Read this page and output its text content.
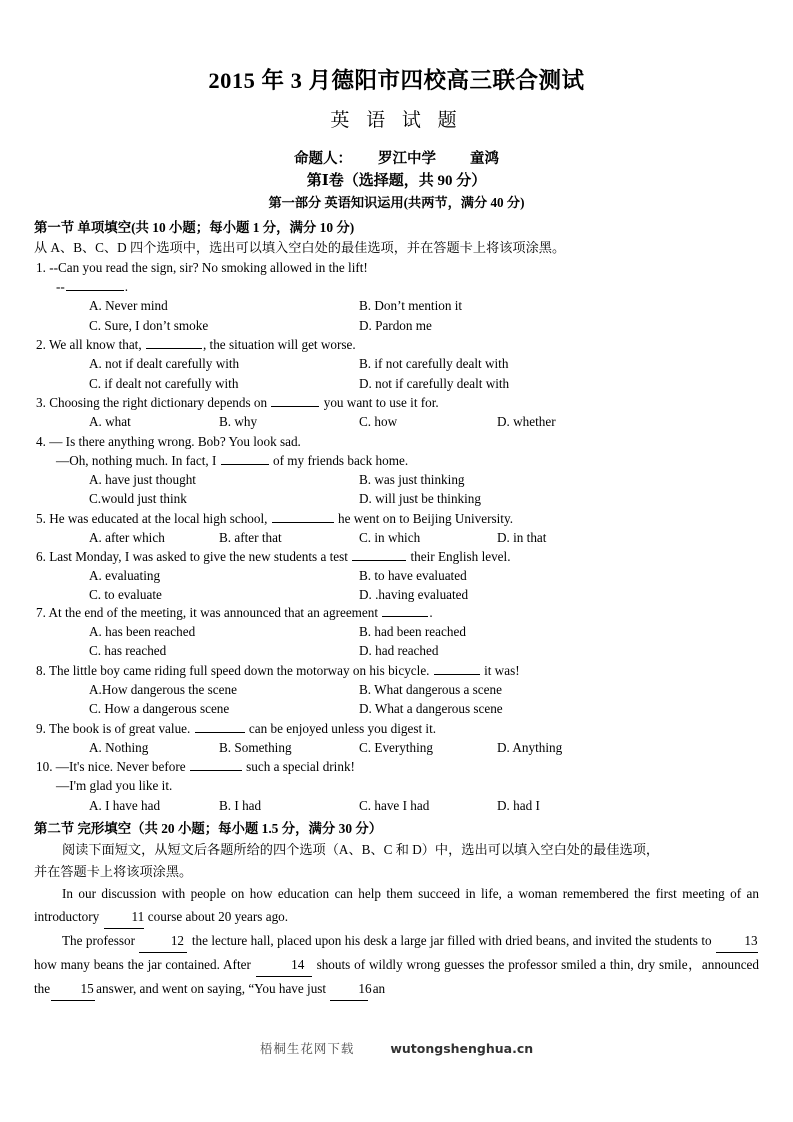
2015 年 3 月德阳市四校高三联合测试
英 语 试 题

命题人： 罗江中学 童鸿

第Ⅰ卷（选择题，共 90 分）

第一部分 英语知识运用(共两节，满分 40 分)

第一节 单项填空(共 10 小题；每小题 1 分，满分 10 分)

从 A、B、C、D 四个选项中，选出可以填入空白处的最佳选项，并在答题卡上将该项涂黑。

1. --Can you read the sign, sir? No smoking allowed in the lift!

--	.

A. Never mind	B. Don’t mention it
C. Sure, I don’t smoke	D. Pardon me

2. We all know that,	, the situation will get worse.

A. not if dealt carefully with	B. if not carefully dealt with
C. if dealt not carefully with	D. not if carefully dealt with

3. Choosing the right dictionary depends on	you want to use it for.

A. what	B. why	C. how	D. whether

4. — Is there anything wrong. Bob? You look sad.

—Oh, nothing much. In fact, I	of my friends back home.

A. have just thought	B. was just thinking
C.would just think	D. will just be thinking

5. He was educated at the local high school,	he went on to Beijing University.

A. after which	B. after that	C. in which	D. in that

6. Last Monday, I was asked to give the new students a test	their English level.

A. evaluating	B. to have evaluated
C. to evaluate	D. .having evaluated

7. At the end of the meeting, it was announced that an agreement	.

A. has been reached	B. had been reached
C. has reached	D. had reached

8. The little boy came riding full speed down the motorway on his bicycle.	it was!

A.How dangerous the scene	B. What dangerous a scene
C. How a dangerous scene	D. What a dangerous scene

9. The book is of great value.	can be enjoyed unless you digest it.

A. Nothing	B. Something	C. Everything	D. Anything

10. —It's nice. Never before	such a special drink!

—I'm glad you like it.

A. I have had	B. I had	C. have I had	D. had I

第二节 完形填空（共 20 小题；每小题 1.5 分，满分 30 分）

阅读下面短文，从短文后各题所给的四个选项（A、B、C 和 D）中，选出可以填入空白处的最佳选项，

并在答题卡上将该项涂黑。

In our discussion with people on how education can help them succeed in life, a woman remembered the first meeting of an introductory 11 course about 20 years ago.

The professor 12 the lecture hall, placed upon his desk a large jar filled with dried beans, and invited the students to 13 how many beans the jar contained. After	14 shouts of wildly wrong guesses the professor smiled a thin, dry smile，announced the 15 answer, and went on saying, “You have just 16 an

梧桐生花网下载	wutongshenghua.cn
